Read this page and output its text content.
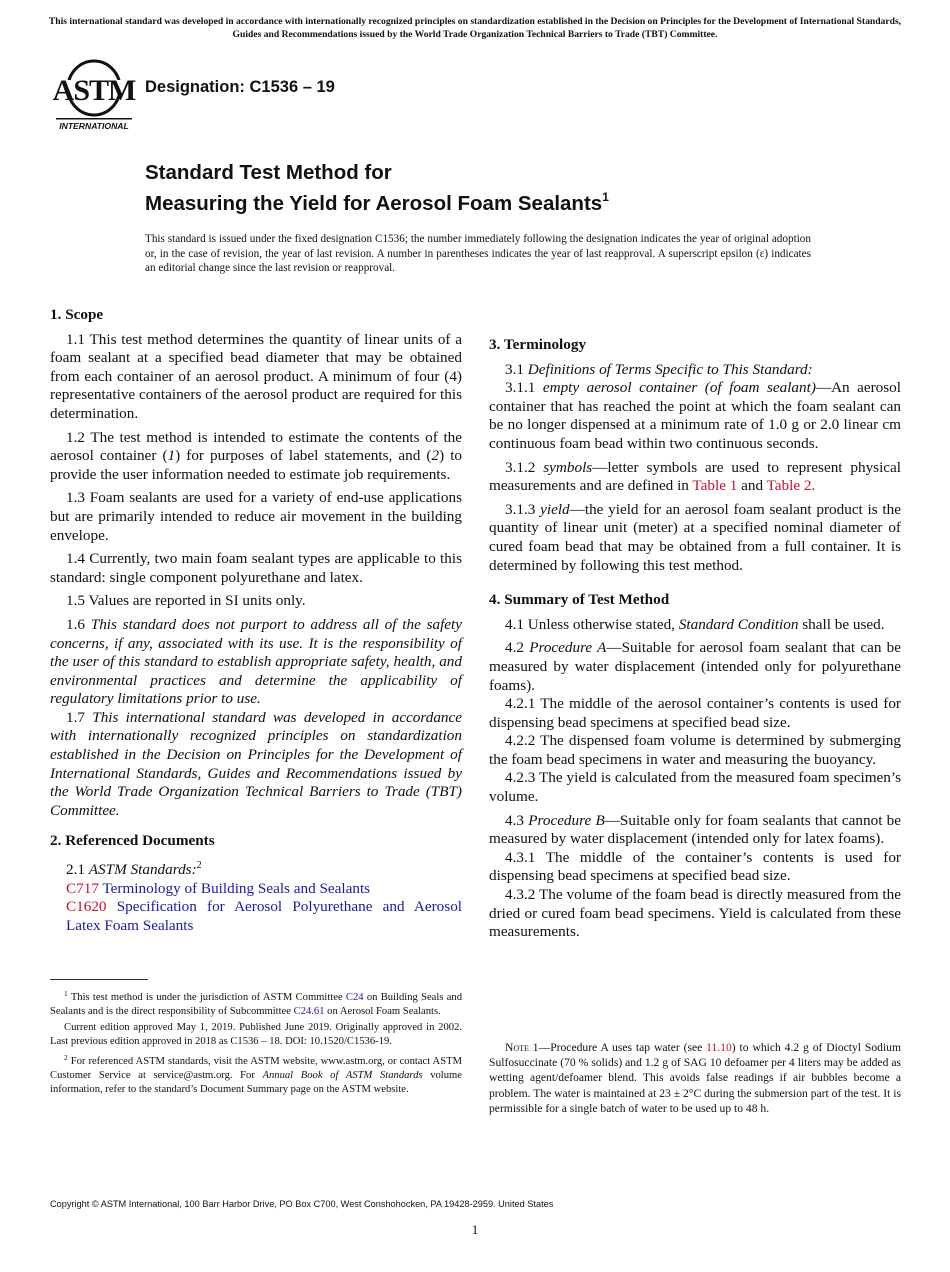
This international standard was developed in accordance with internationally recognized principles on standardization established in the Decision on Principles for the Development of International Standards, Guides and Recommendations issued by the World Trade Organization Technical Barriers to Trade (TBT) Committee.
ASTM
INTERNATIONAL
Designation: C1536 – 19
Standard Test Method for
Measuring the Yield for Aerosol Foam Sealants$^1$
This standard is issued under the fixed designation C1536; the number immediately following the designation indicates the year of original adoption or, in the case of revision, the year of last revision. A number in parentheses indicates the year of last reapproval. A superscript epsilon (ε) indicates an editorial change since the last revision or reapproval.
1. Scope
1.1 This test method determines the quantity of linear units of a foam sealant at a specified bead diameter that may be obtained from each container of an aerosol product. A minimum of four (4) representative containers of the aerosol product are required for this determination.
1.2 The test method is intended to estimate the contents of the aerosol container (1) for purposes of label statements, and (2) to provide the user information needed to estimate job requirements.
1.3 Foam sealants are used for a variety of end-use applications but are primarily intended to reduce air movement in the building envelope.
1.4 Currently, two main foam sealant types are applicable to this standard: single component polyurethane and latex.
1.5 Values are reported in SI units only.
1.6 This standard does not purport to address all of the safety concerns, if any, associated with its use. It is the responsibility of the user of this standard to establish appropriate safety, health, and environmental practices and determine the applicability of regulatory limitations prior to use.
1.7 This international standard was developed in accordance with internationally recognized principles on standardization established in the Decision on Principles for the Development of International Standards, Guides and Recommendations issued by the World Trade Organization Technical Barriers to Trade (TBT) Committee.
2. Referenced Documents
2.1 ASTM Standards:$^2$
C717 Terminology of Building Seals and Sealants
C1620 Specification for Aerosol Polyurethane and Aerosol Latex Foam Sealants
3. Terminology
3.1 Definitions of Terms Specific to This Standard:
3.1.1 empty aerosol container (of foam sealant)—An aerosol container that has reached the point at which the foam sealant can be no longer dispensed at a minimum rate of 1.0 g or 2.0 linear cm continuous foam bead within two continuous seconds.
3.1.2 symbols—letter symbols are used to represent physical measurements and are defined in Table 1 and Table 2.
3.1.3 yield—the yield for an aerosol foam sealant product is the quantity of linear unit (meter) at a specified nominal diameter of cured foam bead that may be obtained from a full container. It is determined by following this test method.
4. Summary of Test Method
4.1 Unless otherwise stated, Standard Condition shall be used.
4.2 Procedure A—Suitable for aerosol foam sealant that can be measured by water displacement (intended only for polyurethane foams).
4.2.1 The middle of the aerosol container’s contents is used for dispensing bead specimens at specified bead size.
4.2.2 The dispensed foam volume is determined by submerging the foam bead specimens in water and measuring the buoyancy.
4.2.3 The yield is calculated from the measured foam specimen’s volume.
4.3 Procedure B—Suitable only for foam sealants that cannot be measured by water displacement (intended only for latex foams).
4.3.1 The middle of the container’s contents is used for dispensing bead specimens at specified bead size.
4.3.2 The volume of the foam bead is directly measured from the dried or cured foam bead specimens. Yield is calculated from these measurements.
Note 1—Procedure A uses tap water (see 11.10) to which 4.2 g of Dioctyl Sodium Sulfosuccinate (70 % solids) and 1.2 g of SAG 10 defoamer per 4 liters may be added as wetting agent/defoamer blend. This avoids false readings if air bubbles become a problem. The water is maintained at 23 ± 2°C during the submersion part of the test. It is permissible for a single batch of water to be used up to 48 h.
$^1$ This test method is under the jurisdiction of ASTM Committee C24 on Building Seals and Sealants and is the direct responsibility of Subcommittee C24.61 on Aerosol Foam Sealants.
Current edition approved May 1, 2019. Published June 2019. Originally approved in 2002. Last previous edition approved in 2018 as C1536 – 18. DOI: 10.1520/C1536-19.
$^2$ For referenced ASTM standards, visit the ASTM website, www.astm.org, or contact ASTM Customer Service at service@astm.org. For Annual Book of ASTM Standards volume information, refer to the standard’s Document Summary page on the ASTM website.
Copyright © ASTM International, 100 Barr Harbor Drive, PO Box C700, West Conshohocken, PA 19428-2959. United States
1
